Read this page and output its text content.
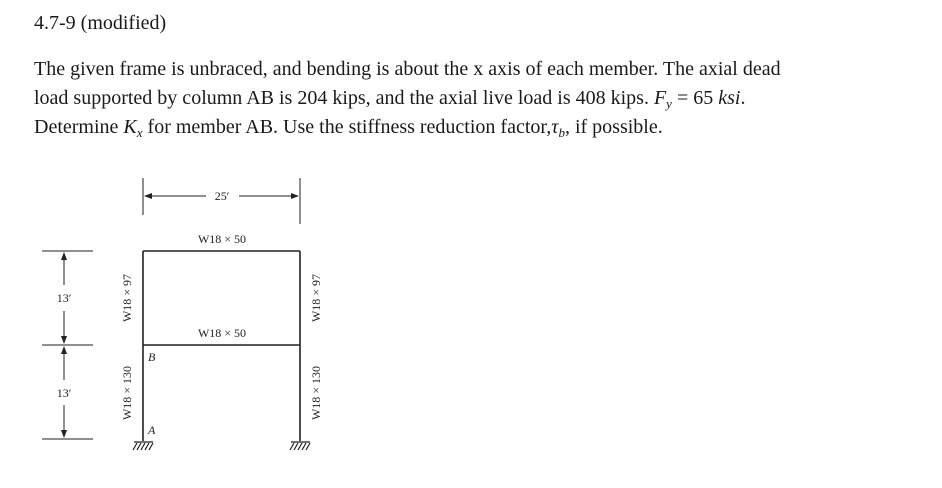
4.7-9 (modified)
The given frame is unbraced, and bending is about the x axis of each member. The axial dead
load supported by column AB is 204 kips, and the axial live load is 408 kips. $F_y = 65$ ksi.
Determine $K_x$ for member AB. Use the stiffness reduction $factor,\tau_b$, if possible.
25′
W18 × 50
W18 × 50
W18 × 97
W18 × 130
W18 × 97
W18 × 130
B
A
13′
13′
